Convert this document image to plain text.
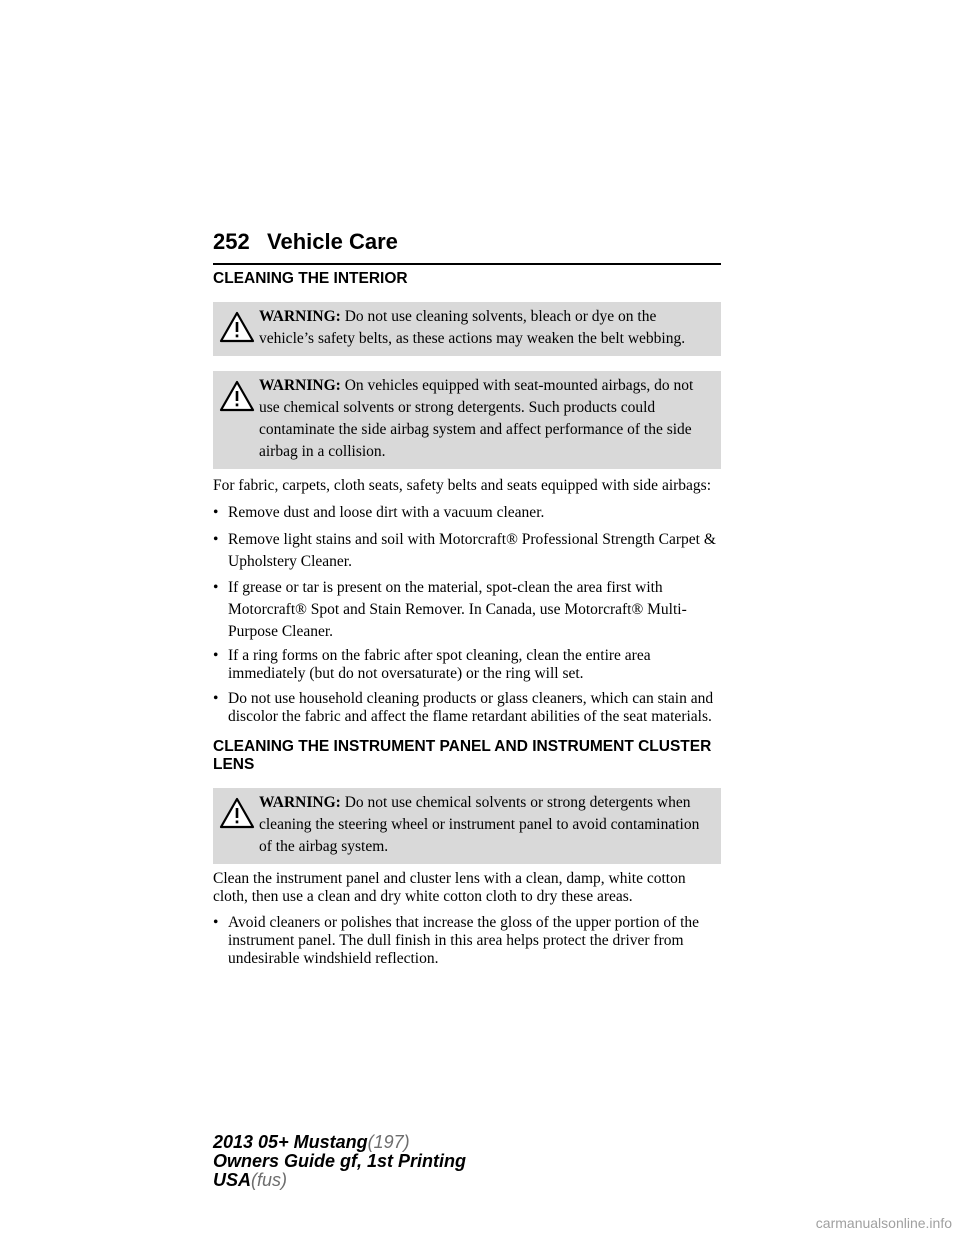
252 Vehicle Care
CLEANING THE INTERIOR
WARNING: Do not use cleaning solvents, bleach or dye on the vehicle’s safety belts, as these actions may weaken the belt webbing.
WARNING: On vehicles equipped with seat-mounted airbags, do not use chemical solvents or strong detergents. Such products could contaminate the side airbag system and affect performance of the side airbag in a collision.

For fabric, carpets, cloth seats, safety belts and seats equipped with side airbags:

• Remove dust and loose dirt with a vacuum cleaner.
• Remove light stains and soil with Motorcraft® Professional Strength Carpet & Upholstery Cleaner.
• If grease or tar is present on the material, spot-clean the area first with Motorcraft® Spot and Stain Remover. In Canada, use Motorcraft® Multi-Purpose Cleaner.
• If a ring forms on the fabric after spot cleaning, clean the entire area immediately (but do not oversaturate) or the ring will set.
• Do not use household cleaning products or glass cleaners, which can stain and discolor the fabric and affect the flame retardant abilities of the seat materials.
CLEANING THE INSTRUMENT PANEL AND INSTRUMENT CLUSTER LENS
WARNING: Do not use chemical solvents or strong detergents when cleaning the steering wheel or instrument panel to avoid contamination of the airbag system.

Clean the instrument panel and cluster lens with a clean, damp, white cotton cloth, then use a clean and dry white cotton cloth to dry these areas.

• Avoid cleaners or polishes that increase the gloss of the upper portion of the instrument panel. The dull finish in this area helps protect the driver from undesirable windshield reflection.
2013 05+ Mustang(197)
Owners Guide gf, 1st Printing
USA(fus)
carmanualsonline.info
